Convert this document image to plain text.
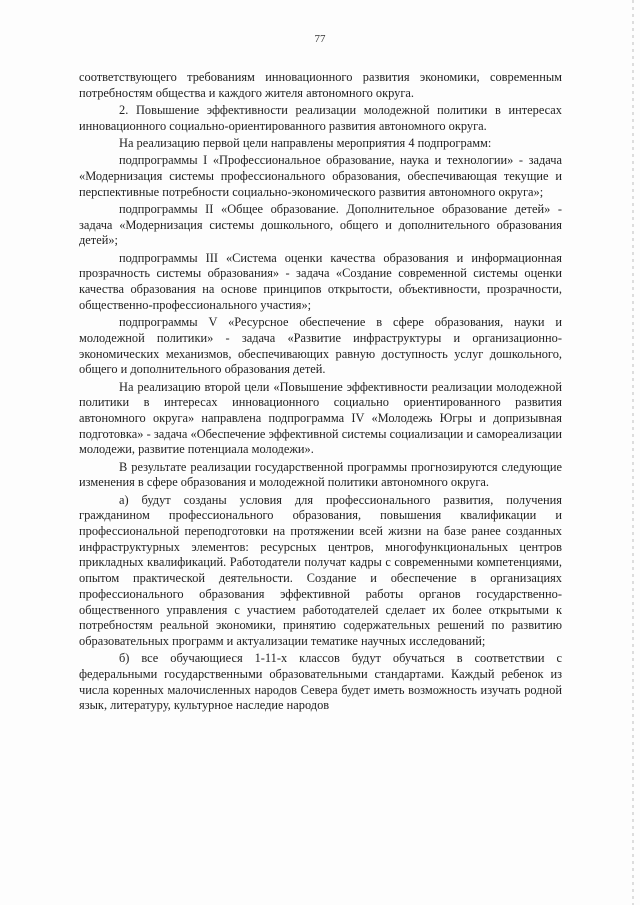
77

соответствующего требованиям инновационного развития экономики, современным потребностям общества и каждого жителя автономного округа.

2. Повышение эффективности реализации молодежной политики в интересах инновационного социально-ориентированного развития автономного округа.

На реализацию первой цели направлены мероприятия 4 подпрограмм:

подпрограммы I «Профессиональное образование, наука и технологии» - задача «Модернизация системы профессионального образования, обеспечивающая текущие и перспективные потребности социально-экономического развития автономного округа»;

подпрограммы II «Общее образование. Дополнительное образование детей» - задача «Модернизация системы дошкольного, общего и дополнительного образования детей»;

подпрограммы III «Система оценки качества образования и информационная прозрачность системы образования» - задача «Создание современной системы оценки качества образования на основе принципов открытости, объективности, прозрачности, общественно-профессионального участия»;

подпрограммы V «Ресурсное обеспечение в сфере образования, науки и молодежной политики» - задача «Развитие инфраструктуры и организационно-экономических механизмов, обеспечивающих равную доступность услуг дошкольного, общего и дополнительного образования детей.

На реализацию второй цели «Повышение эффективности реализации молодежной политики в интересах инновационного социально ориентированного развития автономного округа» направлена подпрограмма IV «Молодежь Югры и допризывная подготовка» - задача «Обеспечение эффективной системы социализации и самореализации молодежи, развитие потенциала молодежи».

В результате реализации государственной программы прогнозируются следующие изменения в сфере образования и молодежной политики автономного округа.

а) будут созданы условия для профессионального развития, получения гражданином профессионального образования, повышения квалификации и профессиональной переподготовки на протяжении всей жизни на базе ранее созданных инфраструктурных элементов: ресурсных центров, многофункциональных центров прикладных квалификаций. Работодатели получат кадры с современными компетенциями, опытом практической деятельности. Создание и обеспечение в организациях профессионального образования эффективной работы органов государственно-общественного управления с участием работодателей сделает их более открытыми к потребностям реальной экономики, принятию содержательных решений по развитию образовательных программ и актуализации тематике научных исследований;

б) все обучающиеся 1-11-х классов будут обучаться в соответствии с федеральными государственными образовательными стандартами. Каждый ребенок из числа коренных малочисленных народов Севера будет иметь возможность изучать родной язык, литературу, культурное наследие народов
